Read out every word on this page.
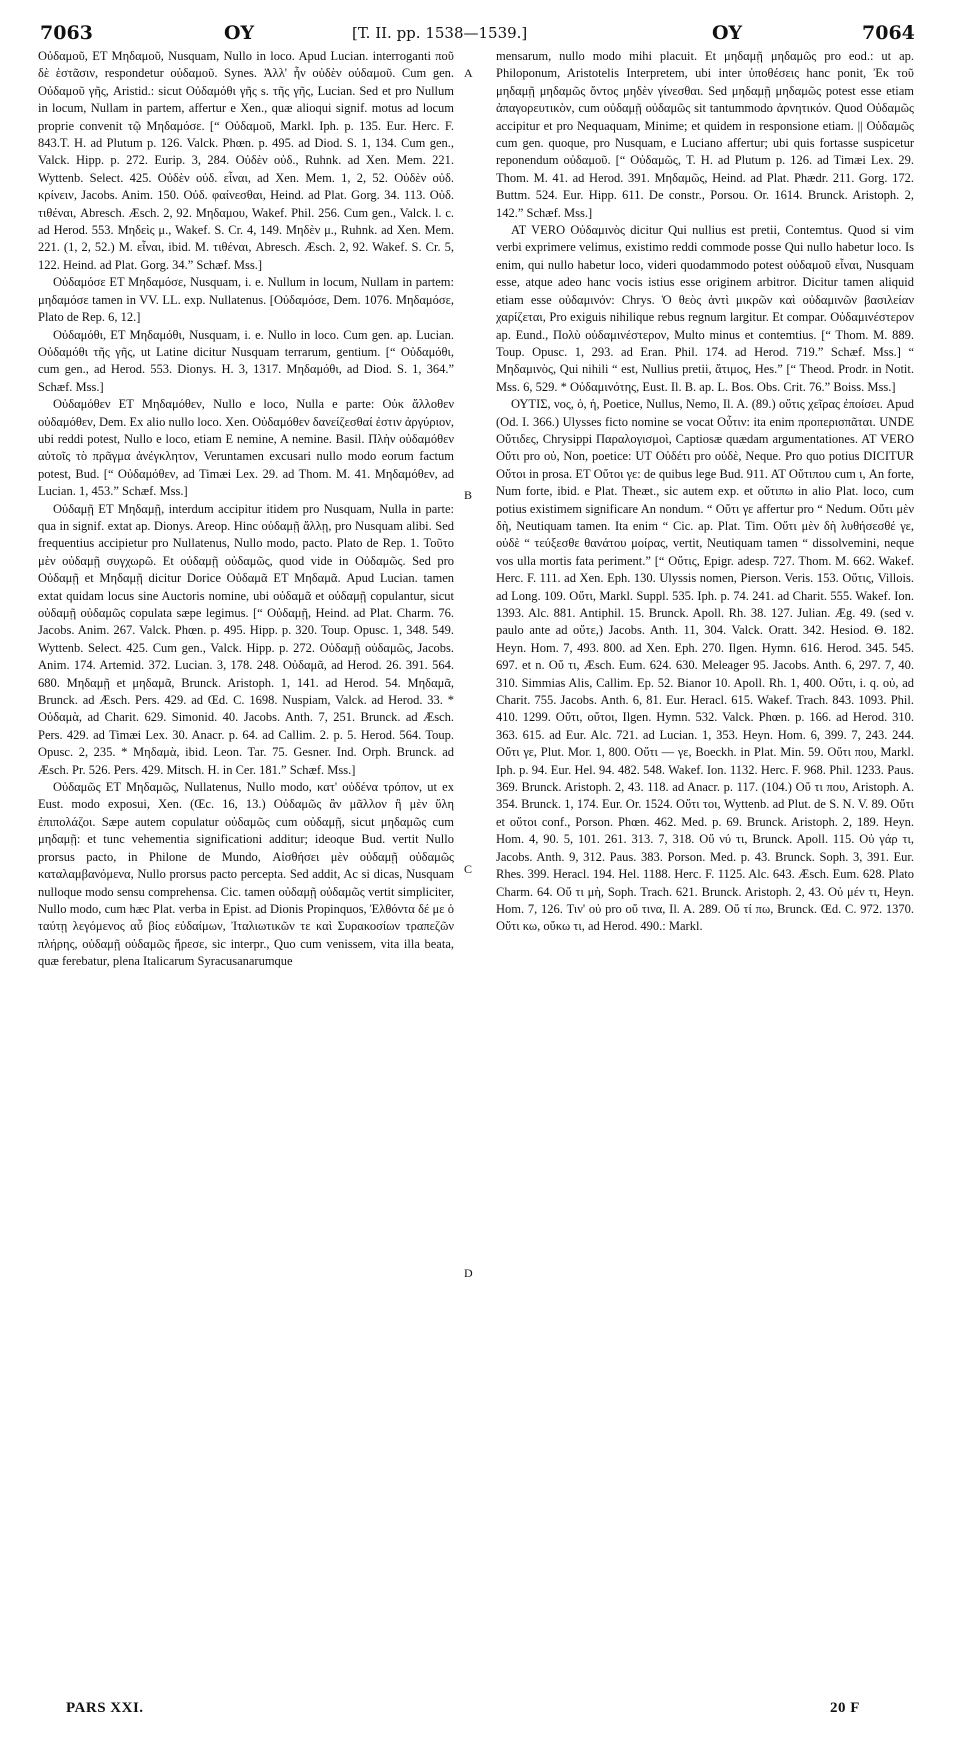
7063	ΟΥ	[T. II. pp. 1538—1539.]	ΟΥ	7064

Οὐδαμοῦ, ET Μηδαμοῦ, Nusquam, Nullo in loco. Apud Lucian. interroganti ποῦ δὲ ἑστᾶσιν, respondetur οὐδαμοῦ. Synes. Ἀλλ' ἦν οὐδὲν οὐδαμοῦ. Cum gen. Οὐδαμοῦ γῆς, Aristid.: sicut Οὐδαμόθι γῆς s. τῆς γῆς, Lucian. Sed et pro Nullum in locum, Nullam in partem, affertur e Xen., quæ alioqui signif. motus ad locum proprie convenit τῷ Μηδαμόσε. [“ Οὐδαμοῦ, Markl. Iph. p. 135. Eur. Herc. F. 843.T. H. ad Plutum p. 126. Valck. Phœn. p. 495. ad Diod. S. 1, 134. Cum gen., Valck. Hipp. p. 272. Eurip. 3, 284. Οὐδὲν οὐδ., Ruhnk. ad Xen. Mem. 221. Wyttenb. Select. 425. Οὐδὲν οὐδ. εἶναι, ad Xen. Mem. 1, 2, 52. Οὐδὲν οὐδ. κρίνειν, Jacobs. Anim. 150. Οὐδ. φαίνεσθαι, Heind. ad Plat. Gorg. 34. 113. Οὐδ. τιθέναι, Abresch. Æsch. 2, 92. Μηδαμου, Wakef. Phil. 256. Cum gen., Valck. l. c. ad Herod. 553. Μηδεὶς μ., Wakef. S. Cr. 4, 149. Μηδὲν μ., Ruhnk. ad Xen. Mem. 221. (1, 2, 52.) M. εἶναι, ibid. M. τιθέναι, Abresch. Æsch. 2, 92. Wakef. S. Cr. 5, 122. Heind. ad Plat. Gorg. 34.” Schæf. Mss.]

Οὐδαμόσε ET Μηδαμόσε, Nusquam, i. e. Nullum in locum, Nullam in partem: μηδαμόσε tamen in VV. LL. exp. Nullatenus. [Οὐδαμόσε, Dem. 1076. Μηδαμόσε, Plato de Rep. 6, 12.]

Οὐδαμόθι, ET Μηδαμόθι, Nusquam, i. e. Nullo in loco. Cum gen. ap. Lucian. Οὐδαμόθι τῆς γῆς, ut Latine dicitur Nusquam terrarum, gentium. [“ Οὐδαμόθι, cum gen., ad Herod. 553. Dionys. H. 3, 1317. Μηδαμόθι, ad Diod. S. 1, 364.” Schæf. Mss.]

Οὐδαμόθεν ET Μηδαμόθεν, Nullo e loco, Nulla e parte: Οὐκ ἄλλοθεν οὐδαμόθεν, Dem. Ex alio nullo loco. Xen. Οὐδαμόθεν δανείζεσθαί ἐστιν ἀργύριον, ubi reddi potest, Nullo e loco, etiam E nemine, A nemine. Basil. Πλὴν οὐδαμόθεν αὐτοῖς τὸ πρᾶγμα ἀνέγκλητον, Veruntamen excusari nullo modo eorum factum potest, Bud. [“ Οὐδαμόθεν, ad Timæi Lex. 29. ad Thom. M. 41. Μηδαμόθεν, ad Lucian. 1, 453.” Schæf. Mss.]

Οὐδαμῇ ET Μηδαμῇ, interdum accipitur itidem pro Nusquam, Nulla in parte: qua in signif. extat ap. Dionys. Areop. Hinc οὐδαμῇ ἄλλῃ, pro Nusquam alibi. Sed frequentius accipietur pro Nullatenus, Nullo modo, pacto. Plato de Rep. 1. Τοῦτο μὲν οὐδαμῇ συγχωρῶ. Et οὐδαμῇ οὐδαμῶς, quod vide in Οὐδαμῶς. Sed pro Οὐδαμῇ et Μηδαμῇ dicitur Dorice Οὐδαμᾶ ET Μηδαμᾶ. Apud Lucian. tamen extat quidam locus sine Auctoris nomine, ubi οὐδαμᾶ et οὐδαμῇ copulantur, sicut οὐδαμῇ οὐδαμῶς copulata sæpe legimus. [“ Οὐδαμῇ, Heind. ad Plat. Charm. 76. Jacobs. Anim. 267. Valck. Phœn. p. 495. Hipp. p. 320. Toup. Opusc. 1, 348. 549. Wyttenb. Select. 425. Cum gen., Valck. Hipp. p. 272. Οὐδαμῇ οὐδαμῶς, Jacobs. Anim. 174. Artemid. 372. Lucian. 3, 178. 248. Οὐδαμᾶ, ad Herod. 26. 391. 564. 680. Μηδαμῇ et μηδαμᾶ, Brunck. Aristoph. 1, 141. ad Herod. 54. Μηδαμᾶ, Brunck. ad Æsch. Pers. 429. ad Œd. C. 1698. Nuspiam, Valck. ad Herod. 33. * Οὐδαμὰ, ad Charit. 629. Simonid. 40. Jacobs. Anth. 7, 251. Brunck. ad Æsch. Pers. 429. ad Timæi Lex. 30. Anacr. p. 64. ad Callim. 2. p. 5. Herod. 564. Toup. Opusc. 2, 235. * Μηδαμὰ, ibid. Leon. Tar. 75. Gesner. Ind. Orph. Brunck. ad Æsch. Pr. 526. Pers. 429. Mitsch. H. in Cer. 181.” Schæf. Mss.]

Οὐδαμῶς ET Μηδαμῶς, Nullatenus, Nullo modo, κατ' οὐδένα τρόπον, ut ex Eust. modo exposui, Xen. (Œc. 16, 13.) Οὐδαμῶς ἂν μᾶλλον ἢ μὲν ὕλη ἐπιπολάζοι. Sæpe autem copulatur οὐδαμῶς cum οὐδαμῇ, sicut μηδαμῶς cum μηδαμῇ: et tunc vehementia significationi additur; ideoque Bud. vertit Nullo prorsus pacto, in Philone de Mundo, Αἰσθήσει μὲν οὐδαμῇ οὐδαμῶς καταλαμβανόμενα, Nullo prorsus pacto percepta. Sed addit, Ac si dicas, Nusquam nulloque modo sensu comprehensa. Cic. tamen οὐδαμῇ οὐδαμῶς vertit simpliciter, Nullo modo, cum hæc Plat. verba in Epist. ad Dionis Propinquos, Ἐλθόντα δέ με ὁ ταύτῃ λεγόμενος αὖ βίος εὐδαίμων, Ἰταλιωτικῶν τε καὶ Συρακοσίων τραπεζῶν πλήρης, οὐδαμῇ οὐδαμῶς ἤρεσε, sic interpr., Quo cum venissem, vita illa beata, quæ ferebatur, plena Italicarum Syracusanarumque

A
B
C
D

mensarum, nullo modo mihi placuit. Et μηδαμῇ μηδαμῶς pro eod.: ut ap. Philoponum, Aristotelis Interpretem, ubi inter ὑποθέσεις hanc ponit, Ἐκ τοῦ μηδαμῇ μηδαμῶς ὄντος μηδὲν γίνεσθαι. Sed μηδαμῇ μηδαμῶς potest esse etiam ἀπαγορευτικὸν, cum οὐδαμῇ οὐδαμῶς sit tantummodo ἀρνητικόν. Quod Οὐδαμῶς accipitur et pro Nequaquam, Minime; et quidem in responsione etiam. || Οὐδαμῶς cum gen. quoque, pro Nusquam, e Luciano affertur; ubi quis fortasse suspicetur reponendum οὐδαμοῦ. [“ Οὐδαμῶς, T. H. ad Plutum p. 126. ad Timæi Lex. 29. Thom. M. 41. ad Herod. 391. Μηδαμῶς, Heind. ad Plat. Phædr. 211. Gorg. 172. Buttm. 524. Eur. Hipp. 611. De constr., Porsou. Or. 1614. Brunck. Aristoph. 2, 142.” Schæf. Mss.]

AT VERO Οὐδαμινὸς dicitur Qui nullius est pretii, Contemtus. Quod si vim verbi exprimere velimus, existimo reddi commode posse Qui nullo habetur loco. Is enim, qui nullo habetur loco, videri quodammodo potest οὐδαμοῦ εἶναι, Nusquam esse, atque adeo hanc vocis istius esse originem arbitror. Dicitur tamen aliquid etiam esse οὐδαμινόν: Chrys. Ὁ θεὸς ἀντὶ μικρῶν καὶ οὐδαμινῶν βασιλείαν χαρίζεται, Pro exiguis nihilique rebus regnum largitur. Et compar. Οὐδαμινέστερον ap. Eund., Πολὺ οὐδαμινέστερον, Multo minus et contemtius. [“ Thom. M. 889. Toup. Opusc. 1, 293. ad Eran. Phil. 174. ad Herod. 719.” Schæf. Mss.] “ Μηδαμινὸς, Qui nihili “ est, Nullius pretii, ἄτιμος, Hes.” [“ Theod. Prodr. in Notit. Mss. 6, 529. * Οὐδαμινότης, Eust. Il. B. ap. L. Bos. Obs. Crit. 76.” Boiss. Mss.]

ΟΥΤΙΣ, νος, ὁ, ἡ, Poetice, Nullus, Nemo, Il. A. (89.) οὔτις χεῖρας ἐποίσει. Apud (Od. I. 366.) Ulysses ficto nomine se vocat Οὖτιν: ita enim προπερισπᾶται. UNDE Οὔτιδες, Chrysippi Παραλογισμοὶ, Captiosæ quædam argumentationes. AT VERO Οὔτι pro οὐ, Non, poetice: UT Οὐδέτι pro οὐδὲ, Neque. Pro quo potius DICITUR Οὔτοι in prosa. ET Οὔτοι γε: de quibus lege Bud. 911. AT Οὔτιπου cum ι, An forte, Num forte, ibid. e Plat. Theæt., sic autem exp. et οὔτιπω in alio Plat. loco, cum potius existimem significare An nondum. “ Οὔτι γε affertur pro “ Nedum. Οὔτι μὲν δὴ, Neutiquam tamen. Ita enim “ Cic. ap. Plat. Tim. Οὔτι μὲν δὴ λυθήσεσθέ γε, οὐδὲ “ τεύξεσθε θανάτου μοίρας, vertit, Neutiquam tamen “ dissolvemini, neque vos ulla mortis fata periment.” [“ Οὔτις, Epigr. adesp. 727. Thom. M. 662. Wakef. Herc. F. 111. ad Xen. Eph. 130. Ulyssis nomen, Pierson. Veris. 153. Οὔτις, Villois. ad Long. 109. Οὔτι, Markl. Suppl. 535. Iph. p. 74. 241. ad Charit. 555. Wakef. Ion. 1393. Alc. 881. Antiphil. 15. Brunck. Apoll. Rh. 38. 127. Julian. Æg. 49. (sed v. paulo ante ad οὔτε,) Jacobs. Anth. 11, 304. Valck. Oratt. 342. Hesiod. Θ. 182. Heyn. Hom. 7, 493. 800. ad Xen. Eph. 270. Ilgen. Hymn. 616. Herod. 345. 545. 697. et n. Οὔ τι, Æsch. Eum. 624. 630. Meleager 95. Jacobs. Anth. 6, 297. 7, 40. 310. Simmias Alis, Callim. Ep. 52. Bianor 10. Apoll. Rh. 1, 400. Οὔτι, i. q. οὐ, ad Charit. 755. Jacobs. Anth. 6, 81. Eur. Heracl. 615. Wakef. Trach. 843. 1093. Phil. 410. 1299. Οὔτι, οὔτοι, Ilgen. Hymn. 532. Valck. Phœn. p. 166. ad Herod. 310. 363. 615. ad Eur. Alc. 721. ad Lucian. 1, 353. Heyn. Hom. 6, 399. 7, 243. 244. Οὔτι γε, Plut. Mor. 1, 800. Οὔτι — γε, Boeckh. in Plat. Min. 59. Οὔτι που, Markl. Iph. p. 94. Eur. Hel. 94. 482. 548. Wakef. Ion. 1132. Herc. F. 968. Phil. 1233. Paus. 369. Brunck. Aristoph. 2, 43. 118. ad Anacr. p. 117. (104.) Οὔ τι που, Aristoph. A. 354. Brunck. 1, 174. Eur. Or. 1524. Οὔτι τοι, Wyttenb. ad Plut. de S. N. V. 89. Οὔτι et οὔτοι conf., Porson. Phœn. 462. Med. p. 69. Brunck. Aristoph. 2, 189. Heyn. Hom. 4, 90. 5, 101. 261. 313. 7, 318. Οὔ νύ τι, Brunck. Apoll. 115. Οὐ γάρ τι, Jacobs. Anth. 9, 312. Paus. 383. Porson. Med. p. 43. Brunck. Soph. 3, 391. Eur. Rhes. 399. Heracl. 194. Hel. 1188. Herc. F. 1125. Alc. 643. Æsch. Eum. 628. Plato Charm. 64. Οὔ τι μὴ, Soph. Trach. 621. Brunck. Aristoph. 2, 43. Οὐ μέν τι, Heyn. Hom. 7, 126. Τιν' οὐ pro οὔ τινα, Il. A. 289. Οὔ τί πω, Brunck. Œd. C. 972. 1370. Οὔτι κω, οὔκω τι, ad Herod. 490.: Markl.

PARS XXI.	20 F
